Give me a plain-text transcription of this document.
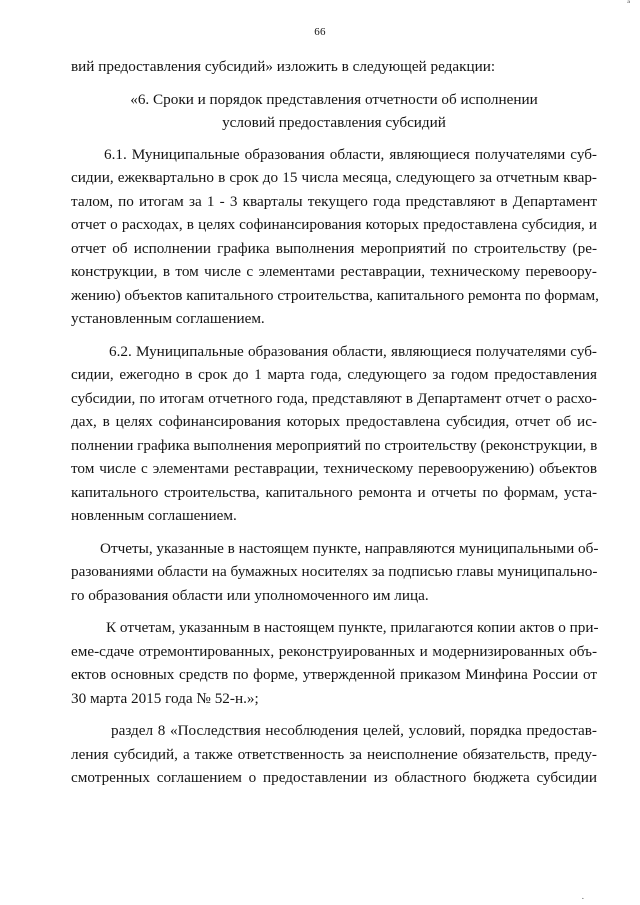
ª
66
вий предоставления субсидий» изложить в следующей редакции:
«6. Сроки и порядок представления отчетности об исполнении
условий предоставления субсидий
6.1. Муниципальные образования области, являющиеся получателями суб-
сидии, ежеквартально в срок до 15 числа месяца, следующего за отчетным квар-
талом, по итогам за 1 - 3 кварталы текущего года представляют в Департамент
отчет о расходах, в целях софинансирования которых предоставлена субсидия, и
отчет об исполнении графика выполнения мероприятий по строительству (ре-
конструкции, в том числе с элементами реставрации, техническому перевоору-
жению) объектов капитального строительства, капитального ремонта по формам,
установленным соглашением.
6.2. Муниципальные образования области, являющиеся получателями суб-
сидии, ежегодно в срок до 1 марта года, следующего за годом предоставления
субсидии, по итогам отчетного года, представляют в Департамент отчет о расхо-
дах, в целях софинансирования которых предоставлена субсидия, отчет об ис-
полнении графика выполнения мероприятий по строительству (реконструкции, в
том числе с элементами реставрации, техническому перевооружению) объектов
капитального строительства, капитального ремонта и отчеты по формам, уста-
новленным соглашением.
Отчеты, указанные в настоящем пункте, направляются муниципальными об-
разованиями области на бумажных носителях за подписью главы муниципально-
го образования области или уполномоченного им лица.
К отчетам, указанным в настоящем пункте, прилагаются копии актов о при-
еме-сдаче отремонтированных, реконструированных и модернизированных объ-
ектов основных средств по форме, утвержденной приказом Минфина России от
30 марта 2015 года № 52-н.»;
раздел 8 «Последствия несоблюдения целей, условий, порядка предостав-
ления субсидий, а также ответственность за неисполнение обязательств, преду-
смотренных соглашением о предоставлении из областного бюджета субсидии
.
